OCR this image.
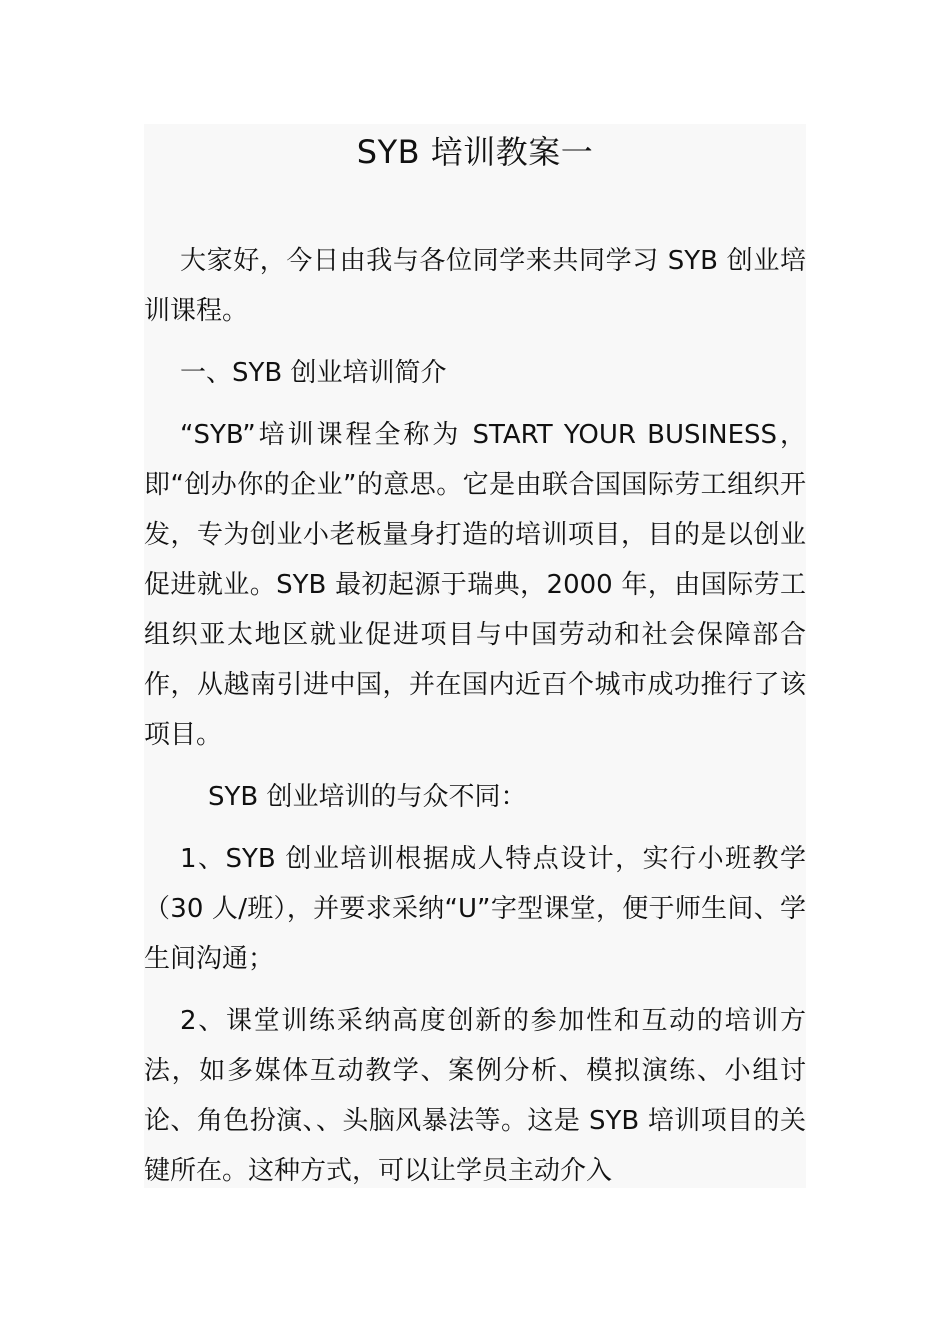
SYB 培训教案一

大家好，今日由我与各位同学来共同学习 SYB 创业培训课程。

一、SYB 创业培训简介

“SYB”培训课程全称为 START YOUR BUSINESS，即“创办你的企业”的意思。它是由联合国国际劳工组织开发，专为创业小老板量身打造的培训项目，目的是以创业促进就业。SYB 最初起源于瑞典，2000 年，由国际劳工组织亚太地区就业促进项目与中国劳动和社会保障部合作，从越南引进中国，并在国内近百个城市成功推行了该项目。

SYB 创业培训的与众不同：

1、SYB 创业培训根据成人特点设计，实行小班教学（30 人/班），并要求采纳“U”字型课堂，便于师生间、学生间沟通；

2、课堂训练采纳高度创新的参加性和互动的培训方法，如多媒体互动教学、案例分析、模拟演练、小组讨论、角色扮演、、头脑风暴法等。这是 SYB 培训项目的关键所在。这种方式，可以让学员主动介入
